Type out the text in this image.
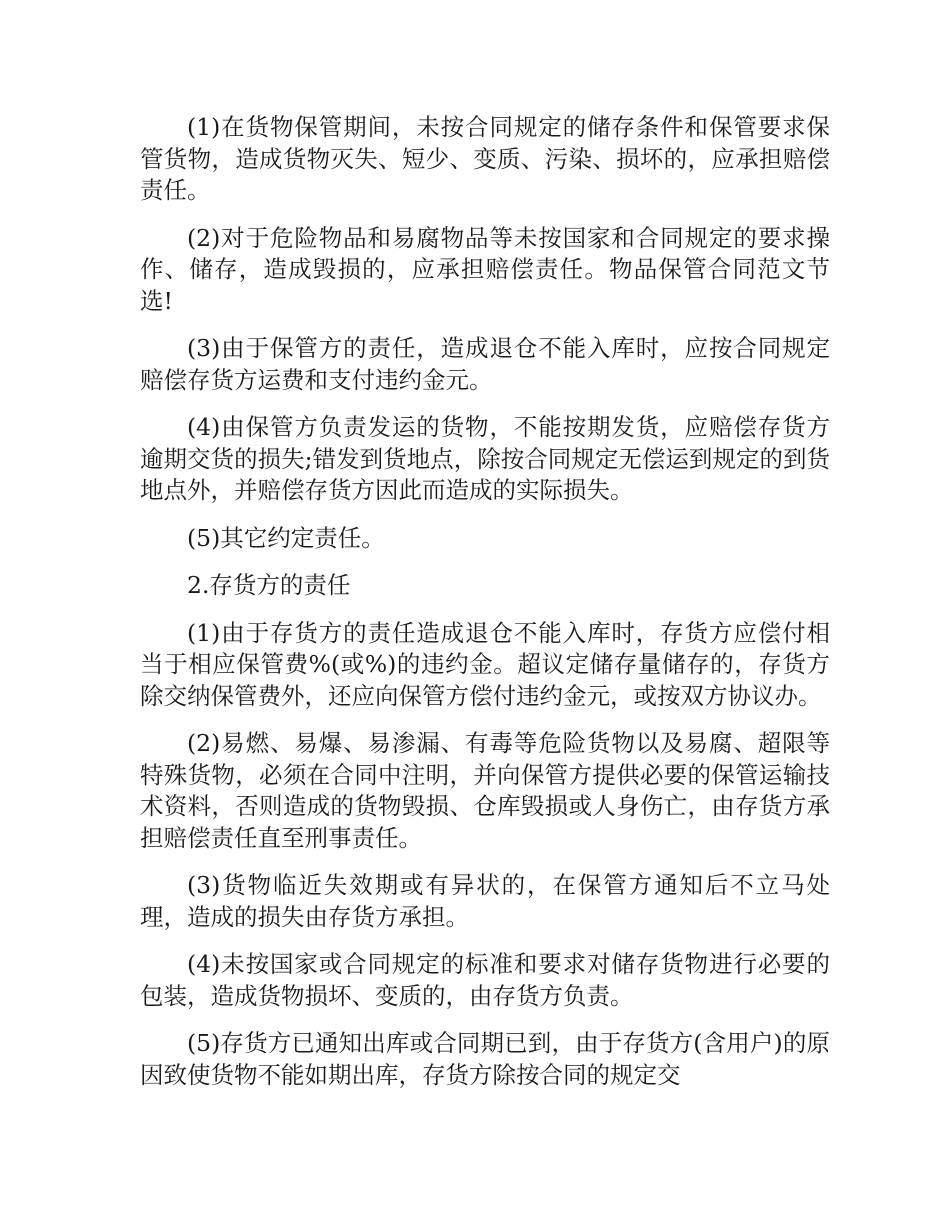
(1)在货物保管期间，未按合同规定的储存条件和保管要求保管货物，造成货物灭失、短少、变质、污染、损坏的，应承担赔偿责任。

(2)对于危险物品和易腐物品等未按国家和合同规定的要求操作、储存，造成毁损的，应承担赔偿责任。物品保管合同范文节选!

(3)由于保管方的责任，造成退仓不能入库时，应按合同规定赔偿存货方运费和支付违约金元。

(4)由保管方负责发运的货物，不能按期发货，应赔偿存货方逾期交货的损失;错发到货地点，除按合同规定无偿运到规定的到货地点外，并赔偿存货方因此而造成的实际损失。

(5)其它约定责任。

2.存货方的责任

(1)由于存货方的责任造成退仓不能入库时，存货方应偿付相当于相应保管费%(或%)的违约金。超议定储存量储存的，存货方除交纳保管费外，还应向保管方偿付违约金元，或按双方协议办。

(2)易燃、易爆、易渗漏、有毒等危险货物以及易腐、超限等特殊货物，必须在合同中注明，并向保管方提供必要的保管运输技术资料，否则造成的货物毁损、仓库毁损或人身伤亡，由存货方承担赔偿责任直至刑事责任。

(3)货物临近失效期或有异状的，在保管方通知后不立马处理，造成的损失由存货方承担。

(4)未按国家或合同规定的标准和要求对储存货物进行必要的包装，造成货物损坏、变质的，由存货方负责。

(5)存货方已通知出库或合同期已到，由于存货方(含用户)的原因致使货物不能如期出库，存货方除按合同的规定交
